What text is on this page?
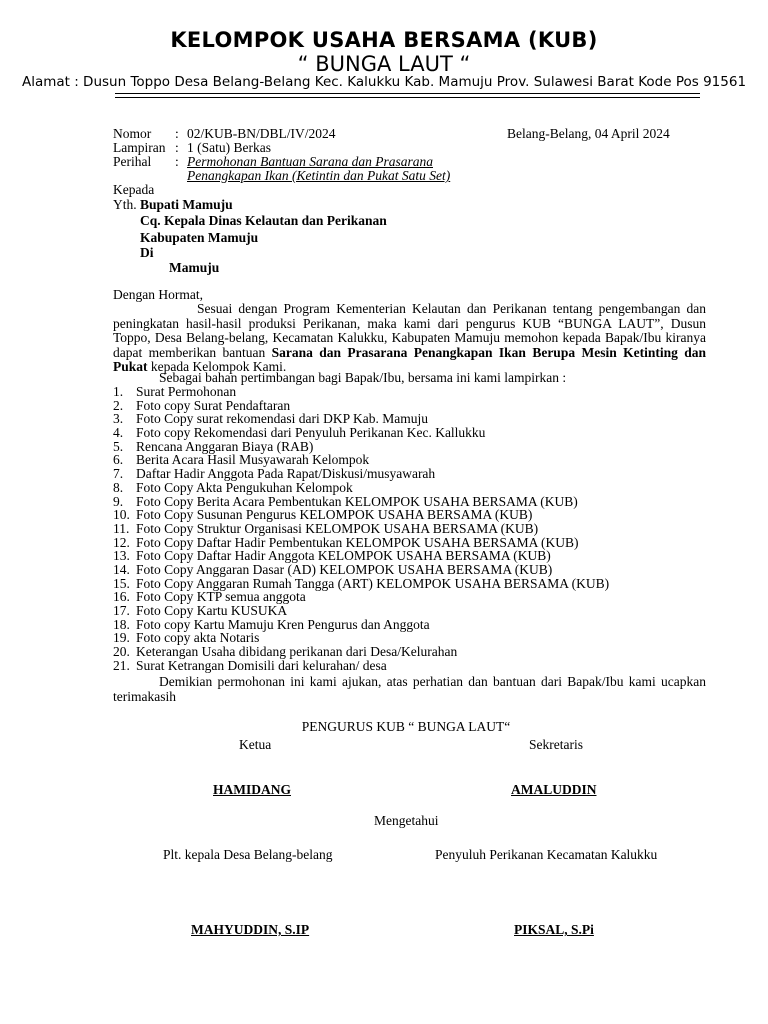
KELOMPOK USAHA BERSAMA (KUB)
“ BUNGA LAUT “
Alamat : Dusun Toppo Desa Belang-Belang Kec. Kalukku Kab. Mamuju Prov. Sulawesi Barat Kode Pos 91561
Nomor : 02/KUB-BN/DBL/IV/2024	Belang-Belang, 04 April 2024
Lampiran : 1 (Satu) Berkas
Perihal : Permohonan Bantuan Sarana dan Prasarana
Penangkapan Ikan (Ketintin dan Pukat Satu Set)
Kepada
Yth. Bupati Mamuju
Cq. Kepala Dinas Kelautan dan Perikanan
Kabupaten Mamuju
Di
Mamuju
Dengan Hormat,
Sesuai dengan Program Kementerian Kelautan dan Perikanan tentang pengembangan dan peningkatan hasil-hasil produksi Perikanan, maka kami dari pengurus KUB “BUNGA LAUT”, Dusun Toppo, Desa Belang-belang, Kecamatan Kalukku, Kabupaten Mamuju memohon kepada Bapak/Ibu kiranya dapat memberikan bantuan Sarana dan Prasarana Penangkapan Ikan Berupa Mesin Ketinting dan Pukat kepada Kelompok Kami.
Sebagai bahan pertimbangan bagi Bapak/Ibu, bersama ini kami lampirkan :
1. Surat Permohonan
2. Foto copy Surat Pendaftaran
3. Foto Copy surat rekomendasi dari DKP Kab. Mamuju
4. Foto copy Rekomendasi dari Penyuluh Perikanan Kec. Kallukku
5. Rencana Anggaran Biaya (RAB)
6. Berita Acara Hasil Musyawarah Kelompok
7. Daftar Hadir Anggota Pada Rapat/Diskusi/musyawarah
8. Foto Copy Akta Pengukuhan Kelompok
9. Foto Copy Berita Acara Pembentukan KELOMPOK USAHA BERSAMA (KUB)
10. Foto Copy Susunan Pengurus KELOMPOK USAHA BERSAMA (KUB)
11. Foto Copy Struktur Organisasi KELOMPOK USAHA BERSAMA (KUB)
12. Foto Copy Daftar Hadir Pembentukan KELOMPOK USAHA BERSAMA (KUB)
13. Foto Copy Daftar Hadir Anggota KELOMPOK USAHA BERSAMA (KUB)
14. Foto Copy Anggaran Dasar (AD) KELOMPOK USAHA BERSAMA (KUB)
15. Foto Copy Anggaran Rumah Tangga (ART) KELOMPOK USAHA BERSAMA (KUB)
16. Foto Copy KTP semua anggota
17. Foto Copy Kartu KUSUKA
18. Foto copy Kartu Mamuju Kren Pengurus dan Anggota
19. Foto copy akta Notaris
20. Keterangan Usaha dibidang perikanan dari Desa/Kelurahan
21. Surat Ketrangan Domisili dari kelurahan/ desa
Demikian permohonan ini kami ajukan, atas perhatian dan bantuan dari Bapak/Ibu kami ucapkan terimakasih
PENGURUS KUB “ BUNGA LAUT“
Ketua	Sekretaris
HAMIDANG	AMALUDDIN
Mengetahui
Plt. kepala Desa Belang-belang	Penyuluh Perikanan Kecamatan Kalukku
MAHYUDDIN, S.IP	PIKSAL, S.Pi
